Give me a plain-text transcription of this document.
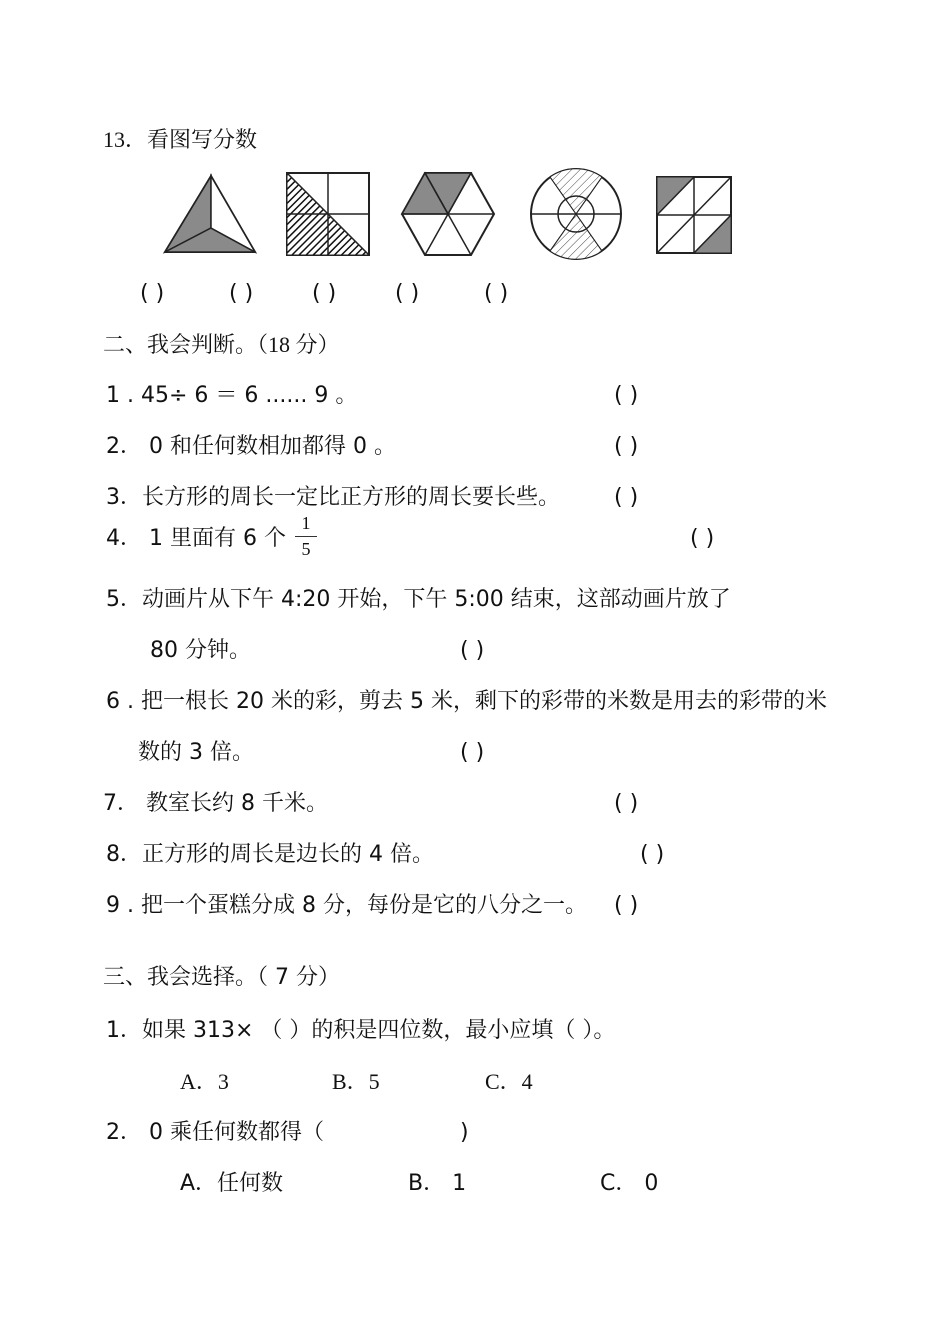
13．看图写分数
( )	( )	( )	( )	( )
二、我会判断。（18 分）
1 . 45÷ 6 ＝ 6 ...... 9 。	( )
2． 0 和任何数相加都得 0 。	( )
3．长方形的周长一定比正方形的周长要长些。 ( )
4． 1 里面有 6 个
1
5	( )
5．动画片从下午 4:20 开始，下午 5:00 结束，这部动画片放了
80 分钟。	( )
6 . 把一根长 20 米的彩，剪去 5 米，剩下的彩带的米数是用去的彩带的米
数的 3 倍。	( )
7． 教室长约 8 千米。	( )
8．正方形的周长是边长的 4 倍。	( )
9 . 把一个蛋糕分成 8 分，每份是它的八分之一。 ( )
三、我会选择。（ 7 分）
1．如果 313× （ ）的积是四位数，最小应填（ ）。
A．3	B．5	C．4
2． 0 乘任何数都得（	)
A．任何数	B． 1	C． 0
